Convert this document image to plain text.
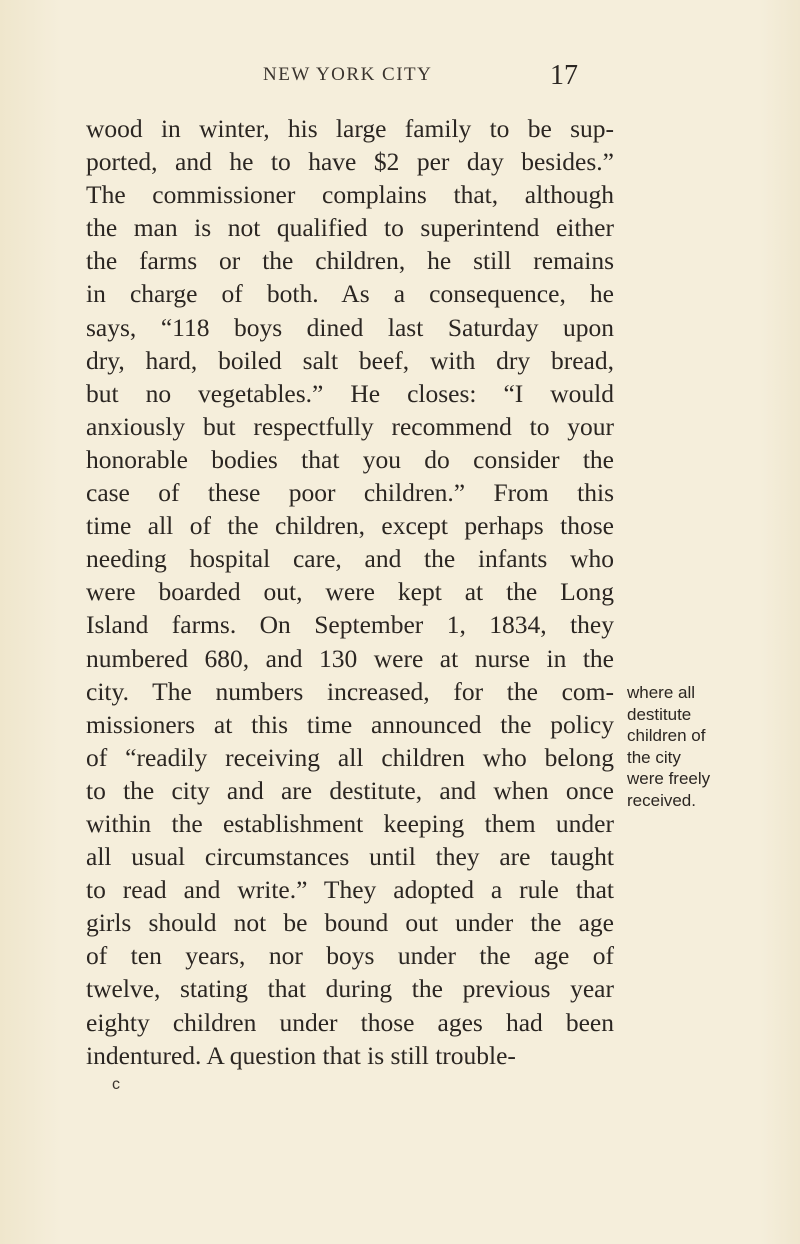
NEW YORK CITY	17
wood in winter, his large family to be sup-
ported, and he to have $2 per day besides.”
The commissioner complains that, although
the man is not qualified to superintend either
the farms or the children, he still remains
in charge of both. As a consequence, he
says, “118 boys dined last Saturday upon
dry, hard, boiled salt beef, with dry bread,
but no vegetables.” He closes: “I would
anxiously but respectfully recommend to your
honorable bodies that you do consider the
case of these poor children.” From this
time all of the children, except perhaps those
needing hospital care, and the infants who
were boarded out, were kept at the Long
Island farms. On September 1, 1834, they
numbered 680, and 130 were at nurse in the
city. The numbers increased, for the com-
missioners at this time announced the policy
of “readily receiving all children who belong
to the city and are destitute, and when once
within the establishment keeping them under
all usual circumstances until they are taught
to read and write.” They adopted a rule that
girls should not be bound out under the age
of ten years, nor boys under the age of
twelve, stating that during the previous year
eighty children under those ages had been
indentured. A question that is still trouble-
where all
destitute
children of
the city
were freely
received.
c
